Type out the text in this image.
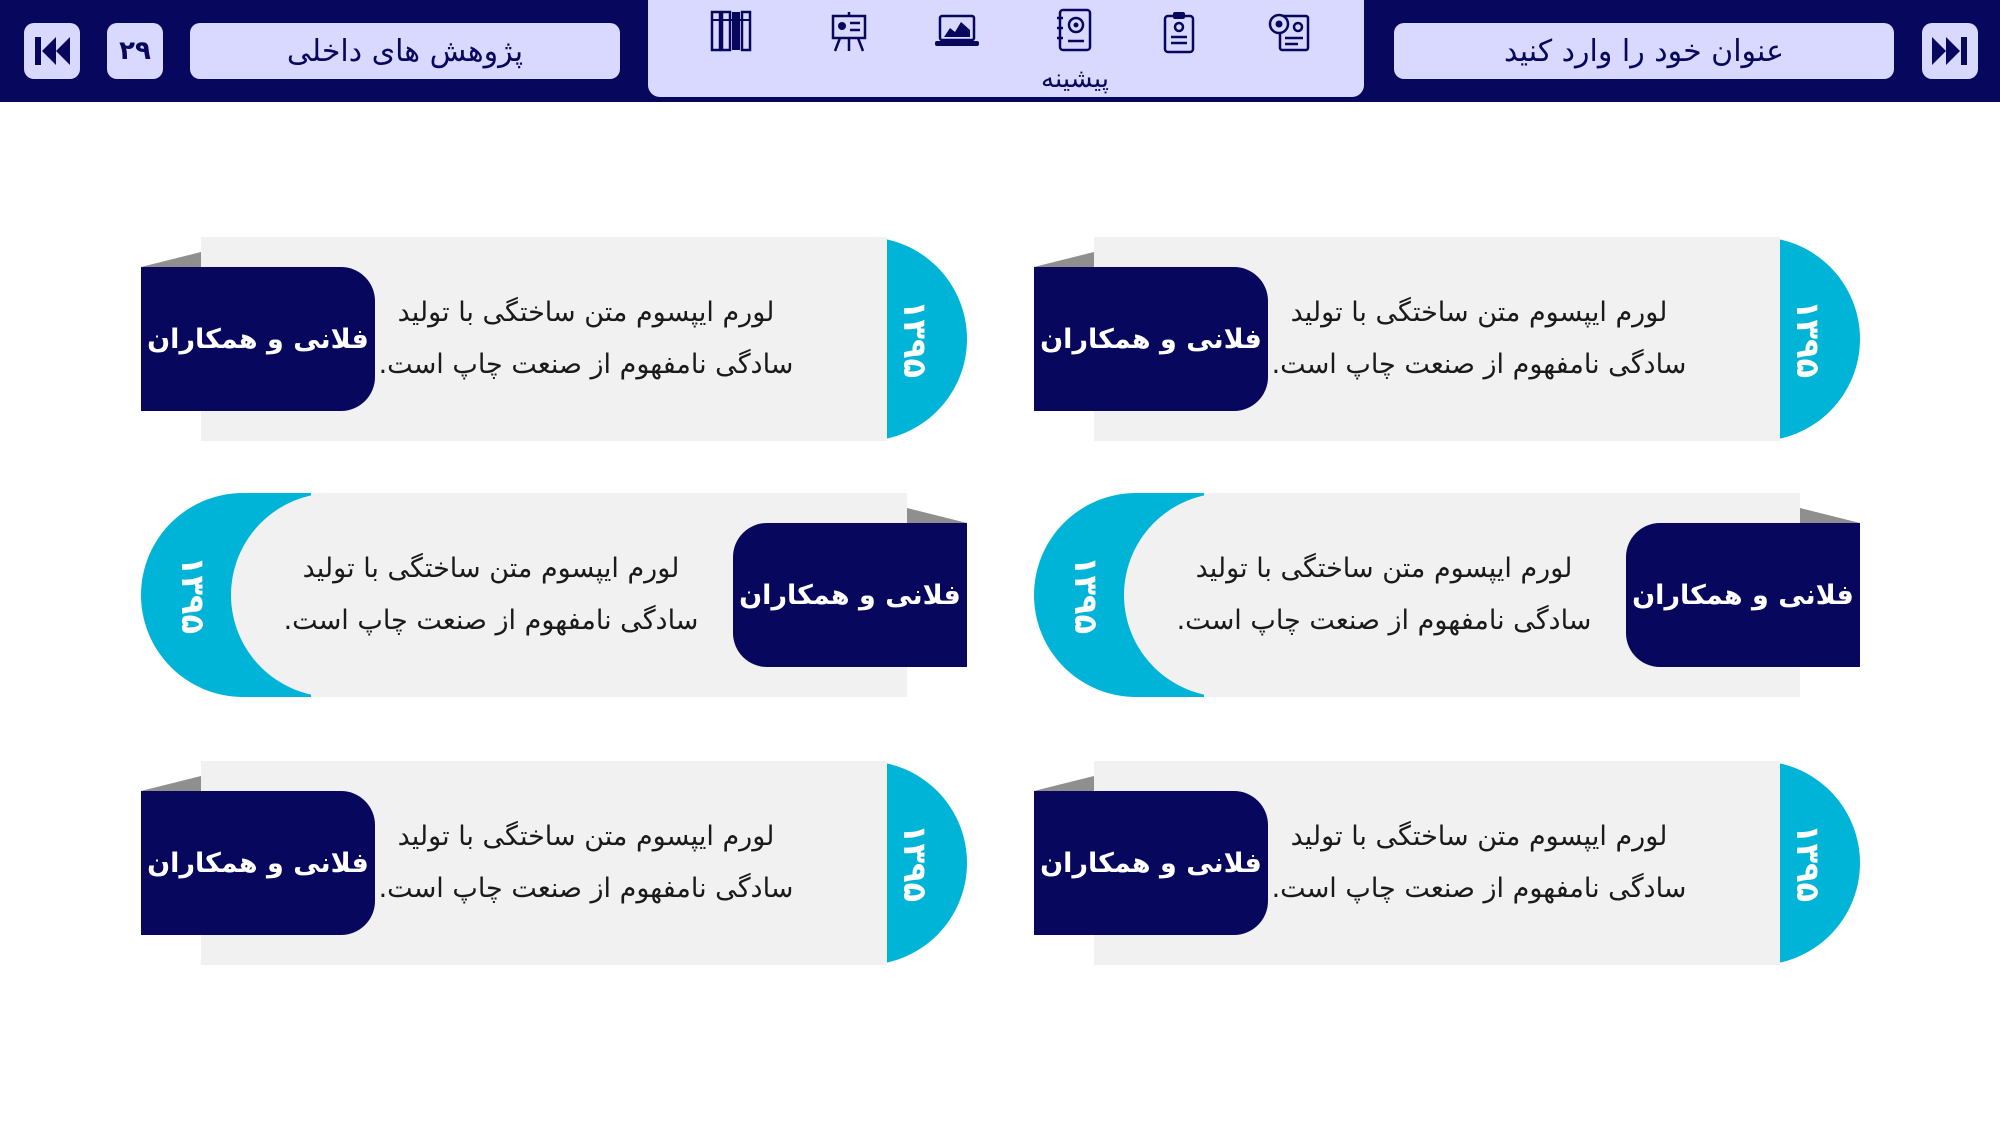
عنوان خود را وارد کنید
پیشینه
پژوهش های داخلی
۲۹
۱۳۹۵
لورم ایپسوم متن ساختگی با تولید
سادگی نامفهوم از صنعت چاپ است.
فلانی و همکاران
۱۳۹۵
لورم ایپسوم متن ساختگی با تولید
سادگی نامفهوم از صنعت چاپ است.
فلانی و همکاران
۱۳۹۵	لورم ایپسوم متن ساختگی با تولید
سادگی نامفهوم از صنعت چاپ است.
فلانی و همکاران
۱۳۹۵	لورم ایپسوم متن ساختگی با تولید
سادگی نامفهوم از صنعت چاپ است.
فلانی و همکاران
۱۳۹۵
لورم ایپسوم متن ساختگی با تولید
سادگی نامفهوم از صنعت چاپ است.
فلانی و همکاران
۱۳۹۵
لورم ایپسوم متن ساختگی با تولید
سادگی نامفهوم از صنعت چاپ است.
فلانی و همکاران
